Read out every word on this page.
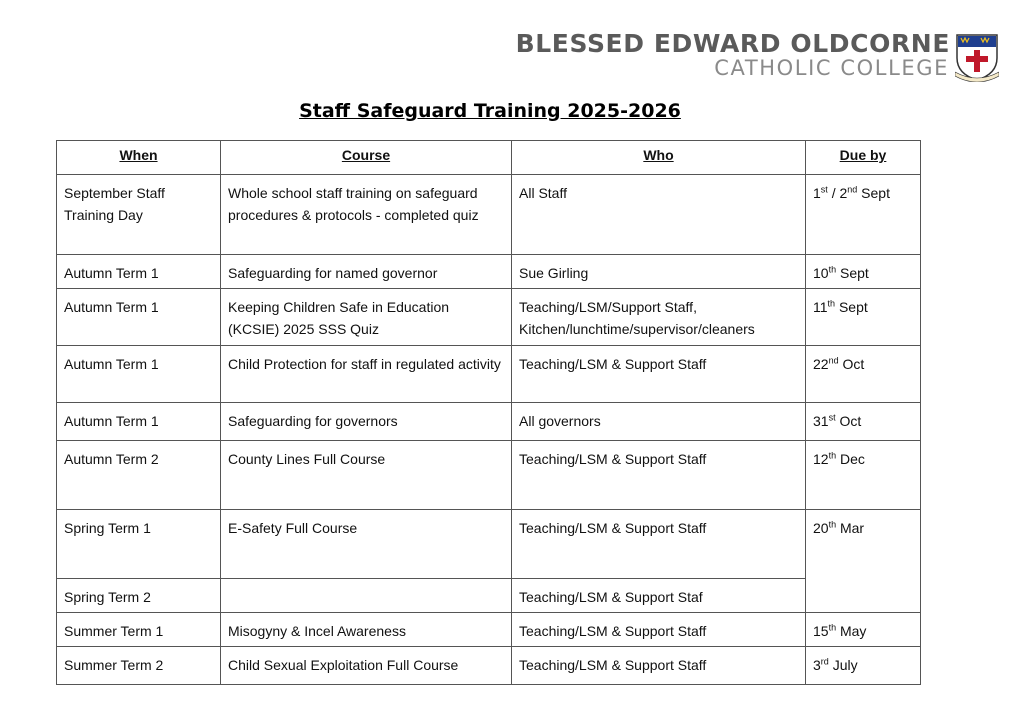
BLESSED EDWARD OLDCORNE
CATHOLIC COLLEGE
Staff Safeguard Training 2025-2026
When	Course	Who	Due by
September Staff Training Day	Whole school staff training on safeguard procedures & protocols - completed quiz	All Staff	1st / 2nd Sept
Autumn Term 1	Safeguarding for named governor	Sue Girling	10th Sept
Autumn Term 1	Keeping Children Safe in Education (KCSIE) 2025 SSS Quiz	Teaching/LSM/Support Staff, Kitchen/lunchtime/supervisor/cleaners	11th Sept
Autumn Term 1	Child Protection for staff in regulated activity	Teaching/LSM & Support Staff	22nd Oct
Autumn Term 1	Safeguarding for governors	All governors	31st Oct
Autumn Term 2	County Lines Full Course	Teaching/LSM & Support Staff	12th Dec
Spring Term 1	E-Safety Full Course	Teaching/LSM & Support Staff	20th Mar
Spring Term 2		Teaching/LSM & Support Staf	
Summer Term 1	Misogyny & Incel Awareness	Teaching/LSM & Support Staff	15th May
Summer Term 2	Child Sexual Exploitation Full Course	Teaching/LSM & Support Staff	3rd July
